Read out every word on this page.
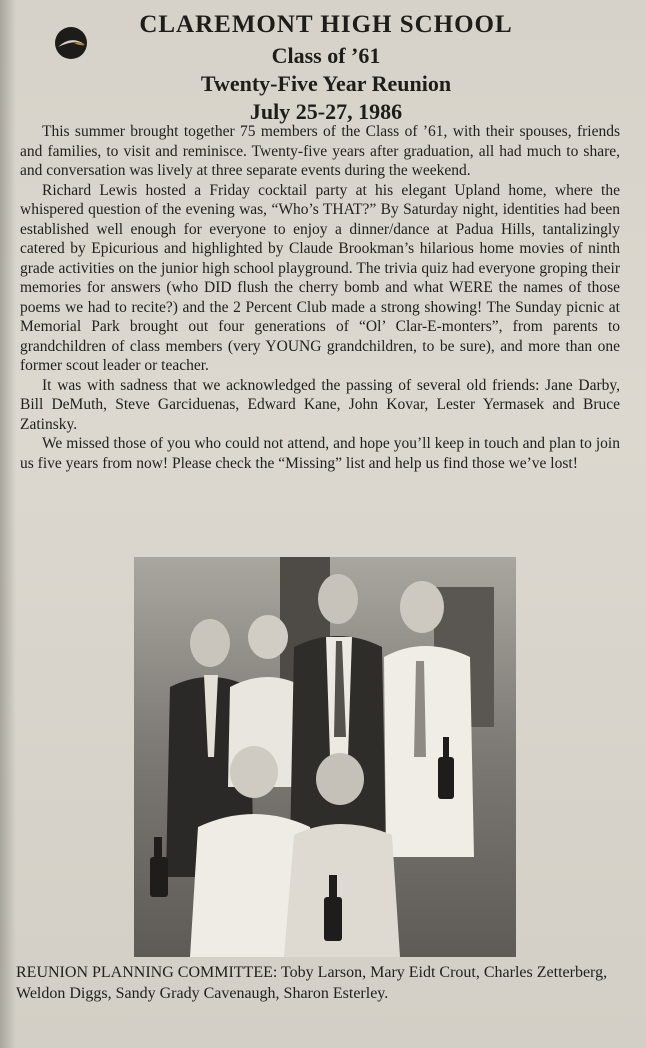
CLAREMONT HIGH SCHOOL
Class of ’61
Twenty-Five Year Reunion
July 25-27, 1986

This summer brought together 75 members of the Class of ’61, with their spouses, friends and families, to visit and reminisce. Twenty-five years after graduation, all had much to share, and conversation was lively at three separate events during the weekend.

Richard Lewis hosted a Friday cocktail party at his elegant Upland home, where the whispered question of the evening was, “Who’s THAT?” By Saturday night, identities had been established well enough for everyone to enjoy a dinner/dance at Padua Hills, tantalizingly catered by Epicurious and highlighted by Claude Brookman’s hilarious home movies of ninth grade activities on the junior high school playground. The trivia quiz had everyone groping their memories for answers (who DID flush the cherry bomb and what WERE the names of those poems we had to recite?) and the 2 Percent Club made a strong showing! The Sunday picnic at Memorial Park brought out four generations of “Ol’ Clar-E-monters”, from parents to grandchildren of class members (very YOUNG grandchildren, to be sure), and more than one former scout leader or teacher.

It was with sadness that we acknowledged the passing of several old friends: Jane Darby, Bill DeMuth, Steve Garciduenas, Edward Kane, John Kovar, Lester Yermasek and Bruce Zatinsky.

We missed those of you who could not attend, and hope you’ll keep in touch and plan to join us five years from now! Please check the “Missing” list and help us find those we’ve lost!

REUNION PLANNING COMMITTEE: Toby Larson, Mary Eidt Crout, Charles Zetterberg, Weldon Diggs, Sandy Grady Cavenaugh, Sharon Esterley.
